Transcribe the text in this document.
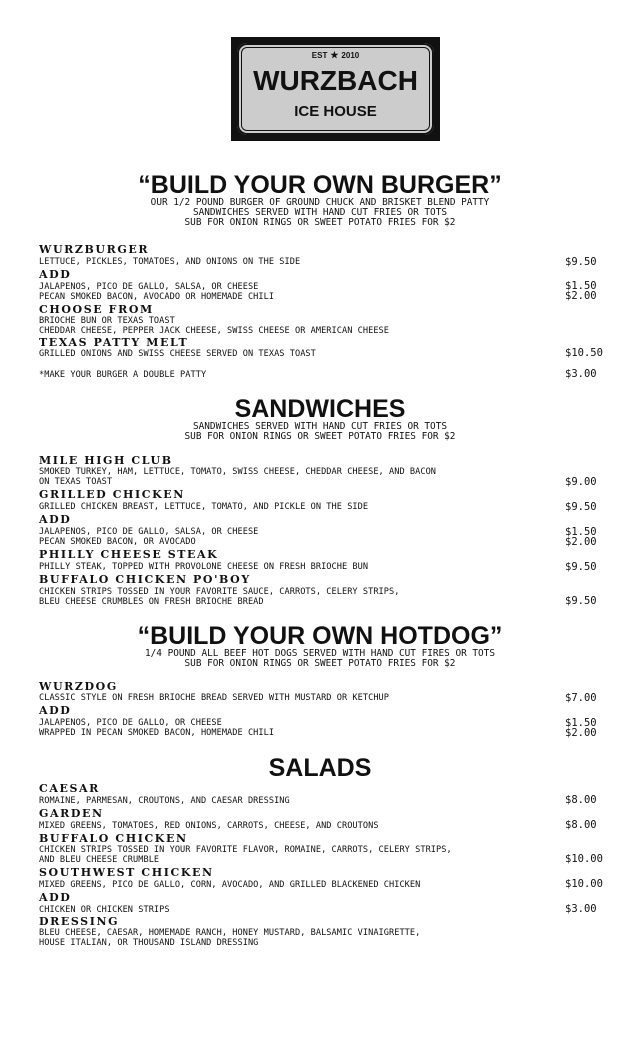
EST ★ 2010
WURZBACH
ICE HOUSE
“BUILD YOUR OWN BURGER”
OUR 1/2 POUND BURGER OF GROUND CHUCK AND BRISKET BLEND PATTY
SANDWICHES SERVED WITH HAND CUT FRIES OR TOTS
SUB FOR ONION RINGS OR SWEET POTATO FRIES FOR $2
WURZBURGER
LETTUCE, PICKLES, TOMATOES, AND ONIONS ON THE SIDE	$9.50
ADD
JALAPENOS, PICO DE GALLO, SALSA, OR CHEESE	$1.50
PECAN SMOKED BACON, AVOCADO OR HOMEMADE CHILI	$2.00
CHOOSE FROM
BRIOCHE BUN OR TEXAS TOAST
CHEDDAR CHEESE, PEPPER JACK CHEESE, SWISS CHEESE OR AMERICAN CHEESE
TEXAS PATTY MELT
GRILLED ONIONS AND SWISS CHEESE SERVED ON TEXAS TOAST	$10.50
*MAKE YOUR BURGER A DOUBLE PATTY	$3.00
SANDWICHES
SANDWICHES SERVED WITH HAND CUT FRIES OR TOTS
SUB FOR ONION RINGS OR SWEET POTATO FRIES FOR $2
MILE HIGH CLUB
SMOKED TURKEY, HAM, LETTUCE, TOMATO, SWISS CHEESE, CHEDDAR CHEESE, AND BACON
ON TEXAS TOAST	$9.00
GRILLED CHICKEN
GRILLED CHICKEN BREAST, LETTUCE, TOMATO, AND PICKLE ON THE SIDE	$9.50
ADD
JALAPENOS, PICO DE GALLO, SALSA, OR CHEESE	$1.50
PECAN SMOKED BACON, OR AVOCADO	$2.00
PHILLY CHEESE STEAK
PHILLY STEAK, TOPPED WITH PROVOLONE CHEESE ON FRESH BRIOCHE BUN	$9.50
BUFFALO CHICKEN PO'BOY
CHICKEN STRIPS TOSSED IN YOUR FAVORITE SAUCE, CARROTS, CELERY STRIPS,
BLEU CHEESE CRUMBLES ON FRESH BRIOCHE BREAD	$9.50
“BUILD YOUR OWN HOTDOG”
1/4 POUND ALL BEEF HOT DOGS SERVED WITH HAND CUT FIRES OR TOTS
SUB FOR ONION RINGS OR SWEET POTATO FRIES FOR $2
WURZDOG
CLASSIC STYLE ON FRESH BRIOCHE BREAD SERVED WITH MUSTARD OR KETCHUP	$7.00
ADD
JALAPENOS, PICO DE GALLO, OR CHEESE	$1.50
WRAPPED IN PECAN SMOKED BACON, HOMEMADE CHILI	$2.00
SALADS
CAESAR
ROMAINE, PARMESAN, CROUTONS, AND CAESAR DRESSING	$8.00
GARDEN
MIXED GREENS, TOMATOES, RED ONIONS, CARROTS, CHEESE, AND CROUTONS	$8.00
BUFFALO CHICKEN
CHICKEN STRIPS TOSSED IN YOUR FAVORITE FLAVOR, ROMAINE, CARROTS, CELERY STRIPS,
AND BLEU CHEESE CRUMBLE	$10.00
SOUTHWEST CHICKEN
MIXED GREENS, PICO DE GALLO, CORN, AVOCADO, AND GRILLED BLACKENED CHICKEN	$10.00
ADD
CHICKEN OR CHICKEN STRIPS	$3.00
DRESSING
BLEU CHEESE, CAESAR, HOMEMADE RANCH, HONEY MUSTARD, BALSAMIC VINAIGRETTE,
HOUSE ITALIAN, OR THOUSAND ISLAND DRESSING
